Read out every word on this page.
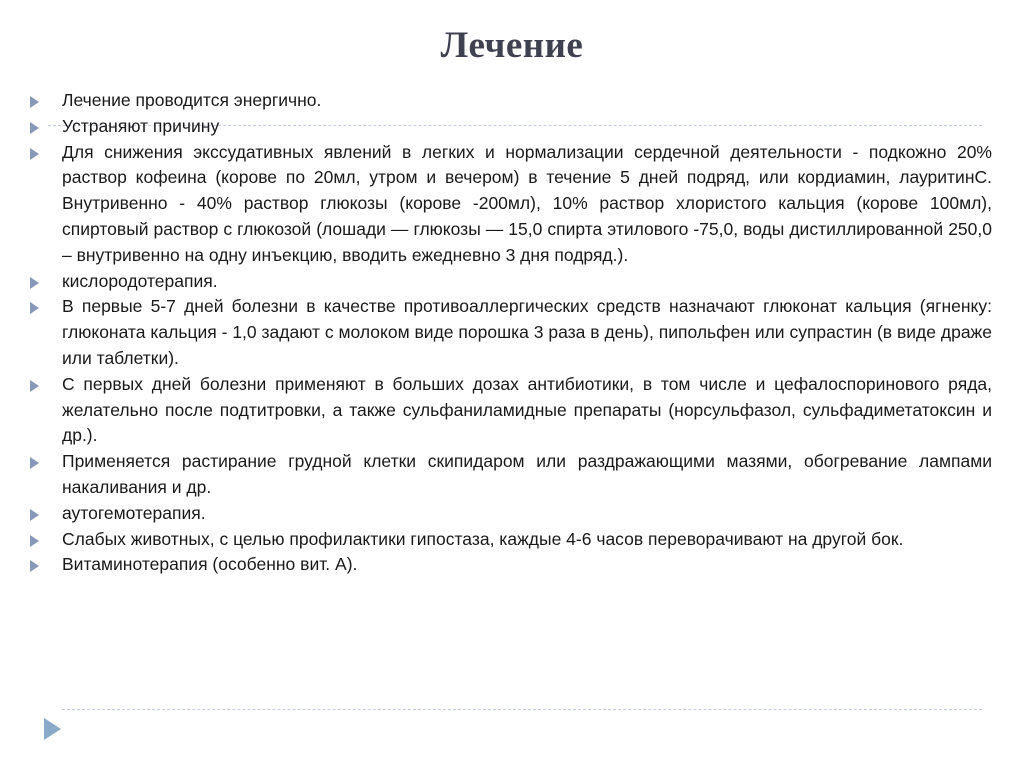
Лечение
Лечение проводится энергично.
Устраняют причину
Для снижения экссудативных явлений в легких и нормализации сердечной деятельности - подкожно 20% раствор кофеина (корове по 20мл, утром и вечером) в течение 5 дней подряд, или кордиамин, лауритинС. Внутривенно - 40% раствор глюкозы (корове -200мл), 10% раствор хлористого кальция (корове 100мл), спиртовый раствор с глюкозой (лошади — глюкозы — 15,0 спирта этилового -75,0, воды дистиллированной 250,0 – внутривенно на одну инъекцию, вводить ежедневно 3 дня подряд.).
кислородотерапия.
В первые 5-7 дней болезни в качестве противоаллергических средств назначают глюконат кальция (ягненку: глюконата кальция - 1,0 задают с молоком виде порошка 3 раза в день), пипольфен или супрастин (в виде драже или таблетки).
С первых дней болезни применяют в больших дозах антибиотики, в том числе и цефалоспоринового ряда, желательно после подтитровки, а также сульфаниламидные препараты (норсульфазол, сульфадиметатоксин и др.).
Применяется растирание грудной клетки скипидаром или раздражающими мазями, обогревание лампами накаливания и др.
аутогемотерапия.
Слабых животных, с целью профилактики гипостаза, каждые 4-6 часов переворачивают на другой бок.
Витаминотерапия (особенно вит. А).
